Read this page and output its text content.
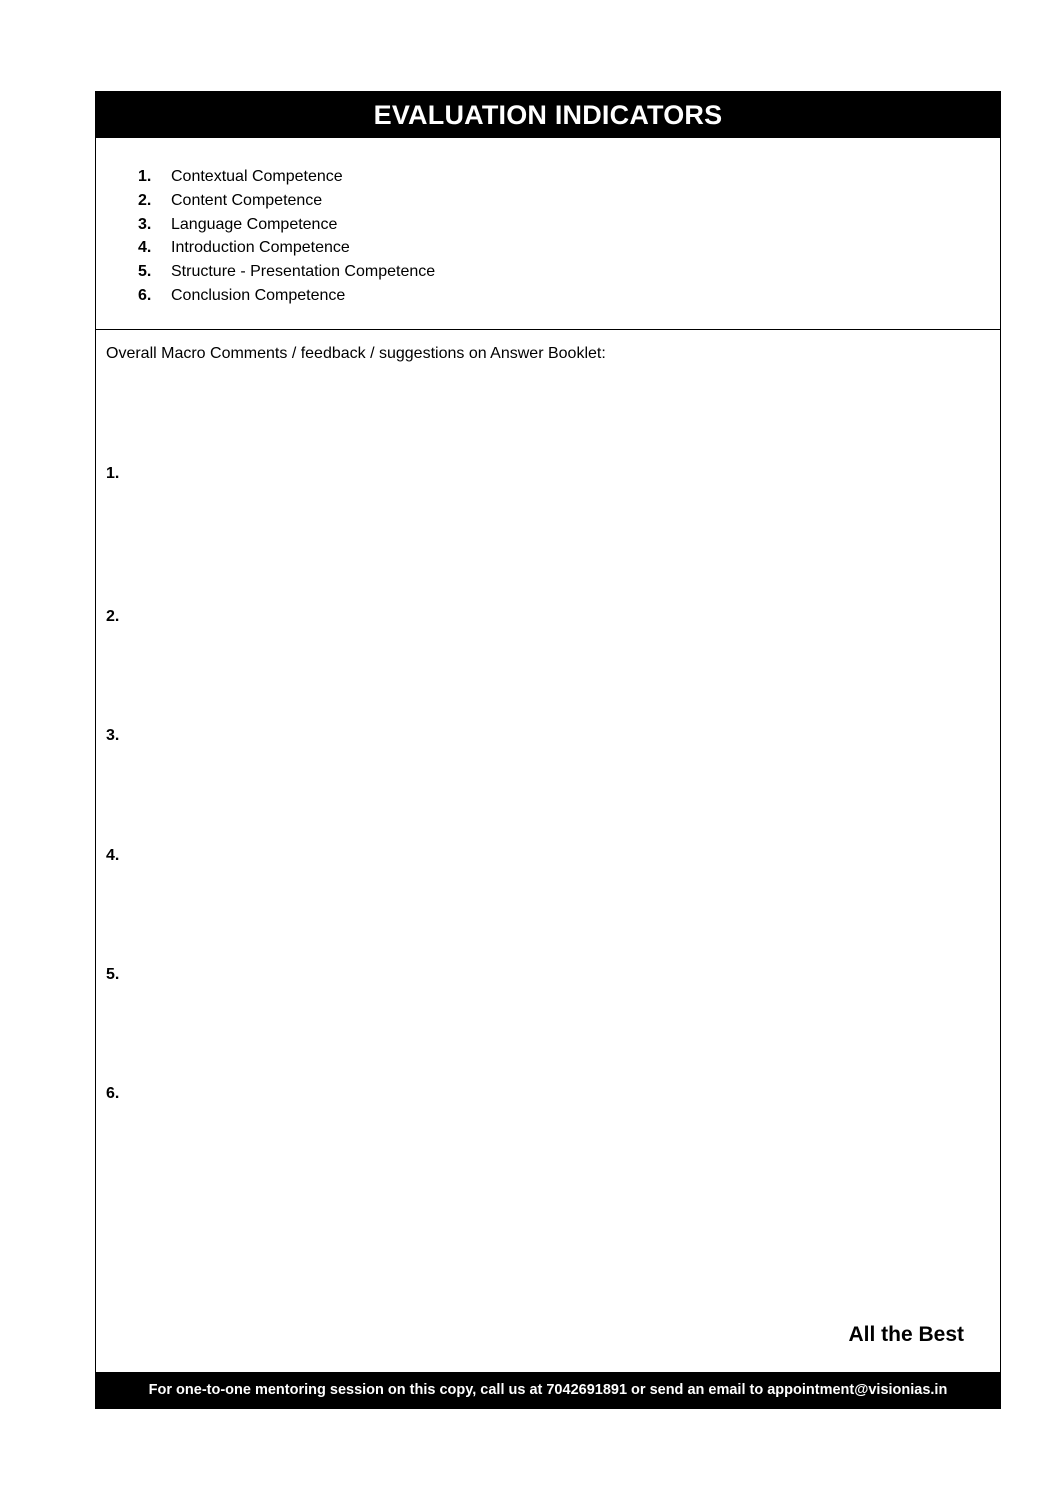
EVALUATION INDICATORS
1.	Contextual Competence
2.	Content Competence
3.	Language Competence
4.	Introduction Competence
5.	Structure - Presentation Competence
6.	Conclusion Competence
Overall Macro Comments / feedback / suggestions on Answer Booklet:
1.
2.
3.
4.
5.
6.
All the Best
For one-to-one mentoring session on this copy, call us at 7042691891 or send an email to appointment@visionias.in
